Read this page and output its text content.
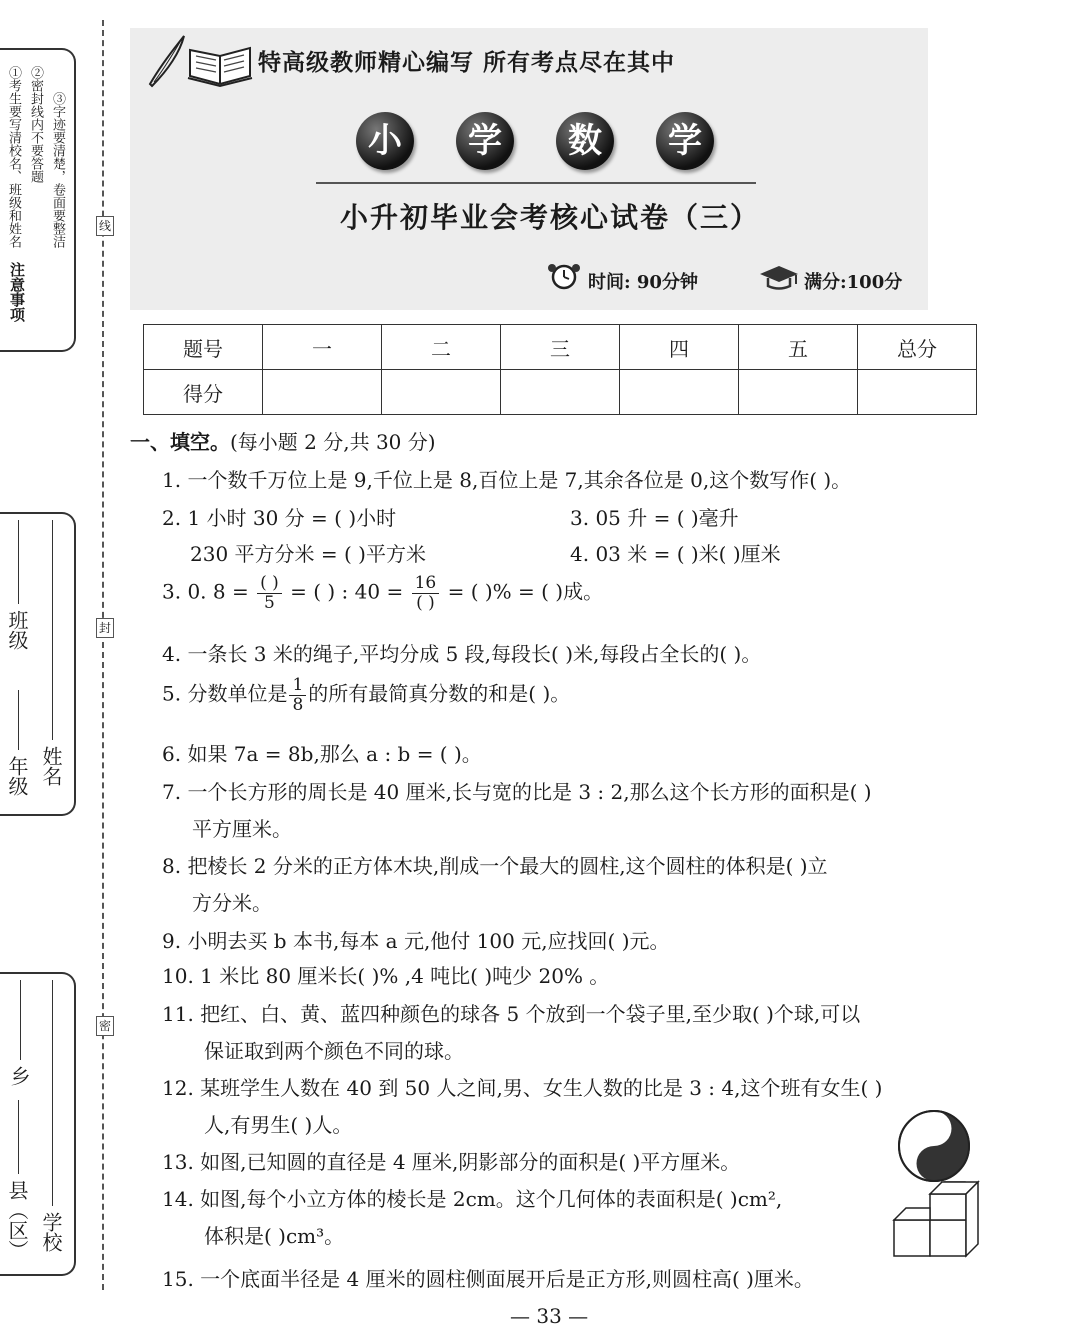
①考生要写清校名、班级和姓名 ②密封线内不要答题 ③字迹要清楚，卷面要整洁
班级
年级 姓名
乡
县（区） 学校
线
封
密
特高级教师精心编写 所有考点尽在其中
小	学	数	学
小升初毕业会考核心试卷（三）
时间: 90分钟	满分:100分
题号	一	二	三	四	五	总分
得分						
一、填空。(每小题 2 分,共 30 分)
1. 一个数千万位上是 9,千位上是 8,百位上是 7,其余各位是 0,这个数写作( )。
2. 1 小时 30 分 = ( )小时	3. 05 升 = ( )毫升
230 平方分米 = ( )平方米	4. 03 米 = ( )米( )厘米
3. 0. $8 = \frac{( )}{5}$ = ( ) : $40 = \frac{16}{( )}$ = ( )% = ( )成。
4. 一条长 3 米的绳子,平均分成 5 段,每段长( )米,每段占全长的( )。
5. 分数单位是 $\frac{1}{8}$ 的所有最简真分数的和是( )。
6. 如果 7a = 8b,那么 a : b = ( )。
7. 一个长方形的周长是 40 厘米,长与宽的比是 3 : 2,那么这个长方形的面积是( )
平方厘米。
8. 把棱长 2 分米的正方体木块,削成一个最大的圆柱,这个圆柱的体积是( )立
方分米。
9. 小明去买 b 本书,每本 a 元,他付 100 元,应找回( )元。
10. 1 米比 80 厘米长( )% ,4 吨比( )吨少 20% 。
11. 把红、白、黄、蓝四种颜色的球各 5 个放到一个袋子里,至少取( )个球,可以
保证取到两个颜色不同的球。
12. 某班学生人数在 40 到 50 人之间,男、女生人数的比是 3 : 4,这个班有女生( )
人,有男生( )人。
13. 如图,已知圆的直径是 4 厘米,阴影部分的面积是( )平方厘米。
14. 如图,每个小立方体的棱长是 2cm。这个几何体的表面积是( )cm²,
体积是( )cm³。
15. 一个底面半径是 4 厘米的圆柱侧面展开后是正方形,则圆柱高( )厘米。
— 33 —
注意事项
